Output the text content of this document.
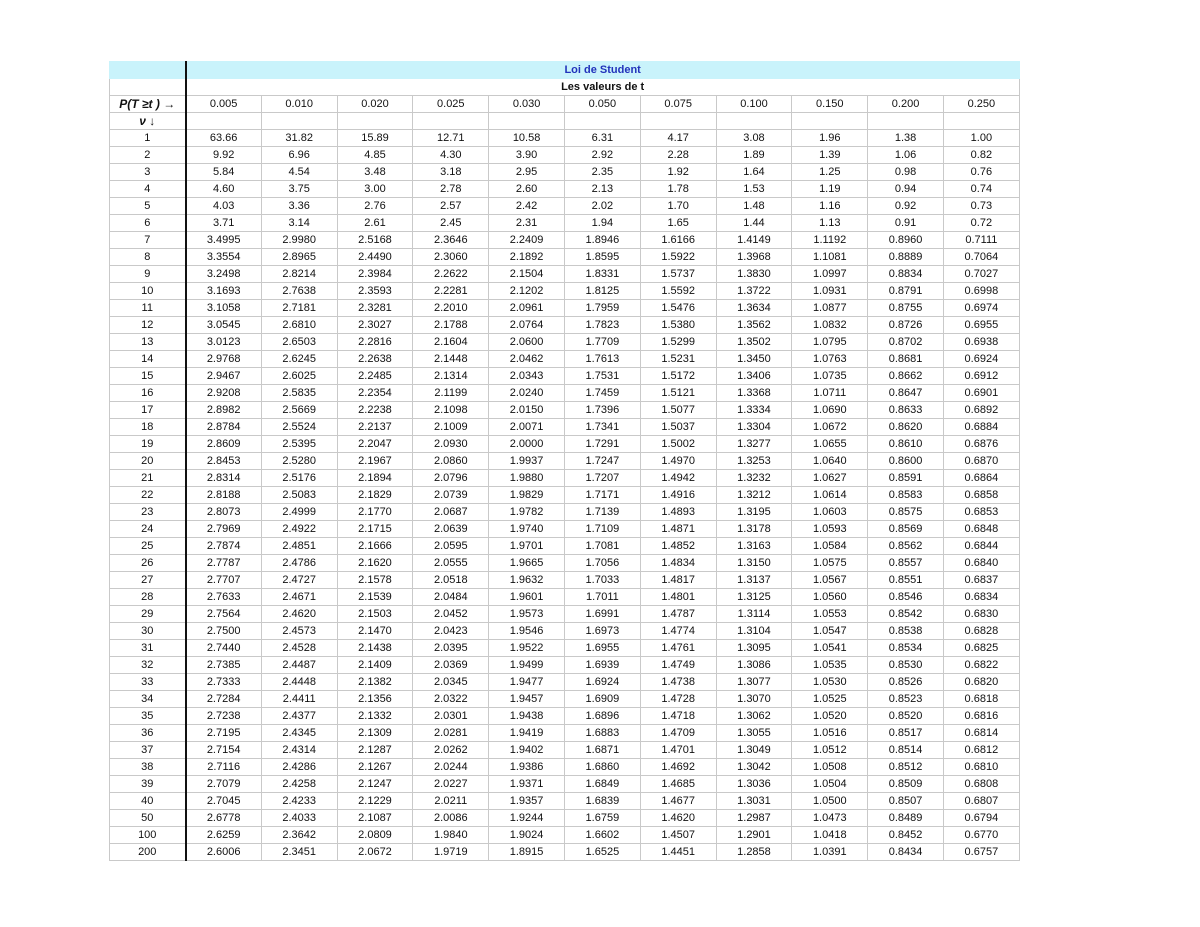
	Loi de Student										
	Les valeurs de t										
P(T ≥t ) →	0.005	0.010	0.020	0.025	0.030	0.050	0.075	0.100	0.150	0.200	0.250
ν ↓											
1	63.66	31.82	15.89	12.71	10.58	6.31	4.17	3.08	1.96	1.38	1.00
2	9.92	6.96	4.85	4.30	3.90	2.92	2.28	1.89	1.39	1.06	0.82
3	5.84	4.54	3.48	3.18	2.95	2.35	1.92	1.64	1.25	0.98	0.76
4	4.60	3.75	3.00	2.78	2.60	2.13	1.78	1.53	1.19	0.94	0.74
5	4.03	3.36	2.76	2.57	2.42	2.02	1.70	1.48	1.16	0.92	0.73
6	3.71	3.14	2.61	2.45	2.31	1.94	1.65	1.44	1.13	0.91	0.72
7	3.4995	2.9980	2.5168	2.3646	2.2409	1.8946	1.6166	1.4149	1.1192	0.8960	0.7111
8	3.3554	2.8965	2.4490	2.3060	2.1892	1.8595	1.5922	1.3968	1.1081	0.8889	0.7064
9	3.2498	2.8214	2.3984	2.2622	2.1504	1.8331	1.5737	1.3830	1.0997	0.8834	0.7027
10	3.1693	2.7638	2.3593	2.2281	2.1202	1.8125	1.5592	1.3722	1.0931	0.8791	0.6998
11	3.1058	2.7181	2.3281	2.2010	2.0961	1.7959	1.5476	1.3634	1.0877	0.8755	0.6974
12	3.0545	2.6810	2.3027	2.1788	2.0764	1.7823	1.5380	1.3562	1.0832	0.8726	0.6955
13	3.0123	2.6503	2.2816	2.1604	2.0600	1.7709	1.5299	1.3502	1.0795	0.8702	0.6938
14	2.9768	2.6245	2.2638	2.1448	2.0462	1.7613	1.5231	1.3450	1.0763	0.8681	0.6924
15	2.9467	2.6025	2.2485	2.1314	2.0343	1.7531	1.5172	1.3406	1.0735	0.8662	0.6912
16	2.9208	2.5835	2.2354	2.1199	2.0240	1.7459	1.5121	1.3368	1.0711	0.8647	0.6901
17	2.8982	2.5669	2.2238	2.1098	2.0150	1.7396	1.5077	1.3334	1.0690	0.8633	0.6892
18	2.8784	2.5524	2.2137	2.1009	2.0071	1.7341	1.5037	1.3304	1.0672	0.8620	0.6884
19	2.8609	2.5395	2.2047	2.0930	2.0000	1.7291	1.5002	1.3277	1.0655	0.8610	0.6876
20	2.8453	2.5280	2.1967	2.0860	1.9937	1.7247	1.4970	1.3253	1.0640	0.8600	0.6870
21	2.8314	2.5176	2.1894	2.0796	1.9880	1.7207	1.4942	1.3232	1.0627	0.8591	0.6864
22	2.8188	2.5083	2.1829	2.0739	1.9829	1.7171	1.4916	1.3212	1.0614	0.8583	0.6858
23	2.8073	2.4999	2.1770	2.0687	1.9782	1.7139	1.4893	1.3195	1.0603	0.8575	0.6853
24	2.7969	2.4922	2.1715	2.0639	1.9740	1.7109	1.4871	1.3178	1.0593	0.8569	0.6848
25	2.7874	2.4851	2.1666	2.0595	1.9701	1.7081	1.4852	1.3163	1.0584	0.8562	0.6844
26	2.7787	2.4786	2.1620	2.0555	1.9665	1.7056	1.4834	1.3150	1.0575	0.8557	0.6840
27	2.7707	2.4727	2.1578	2.0518	1.9632	1.7033	1.4817	1.3137	1.0567	0.8551	0.6837
28	2.7633	2.4671	2.1539	2.0484	1.9601	1.7011	1.4801	1.3125	1.0560	0.8546	0.6834
29	2.7564	2.4620	2.1503	2.0452	1.9573	1.6991	1.4787	1.3114	1.0553	0.8542	0.6830
30	2.7500	2.4573	2.1470	2.0423	1.9546	1.6973	1.4774	1.3104	1.0547	0.8538	0.6828
31	2.7440	2.4528	2.1438	2.0395	1.9522	1.6955	1.4761	1.3095	1.0541	0.8534	0.6825
32	2.7385	2.4487	2.1409	2.0369	1.9499	1.6939	1.4749	1.3086	1.0535	0.8530	0.6822
33	2.7333	2.4448	2.1382	2.0345	1.9477	1.6924	1.4738	1.3077	1.0530	0.8526	0.6820
34	2.7284	2.4411	2.1356	2.0322	1.9457	1.6909	1.4728	1.3070	1.0525	0.8523	0.6818
35	2.7238	2.4377	2.1332	2.0301	1.9438	1.6896	1.4718	1.3062	1.0520	0.8520	0.6816
36	2.7195	2.4345	2.1309	2.0281	1.9419	1.6883	1.4709	1.3055	1.0516	0.8517	0.6814
37	2.7154	2.4314	2.1287	2.0262	1.9402	1.6871	1.4701	1.3049	1.0512	0.8514	0.6812
38	2.7116	2.4286	2.1267	2.0244	1.9386	1.6860	1.4692	1.3042	1.0508	0.8512	0.6810
39	2.7079	2.4258	2.1247	2.0227	1.9371	1.6849	1.4685	1.3036	1.0504	0.8509	0.6808
40	2.7045	2.4233	2.1229	2.0211	1.9357	1.6839	1.4677	1.3031	1.0500	0.8507	0.6807
50	2.6778	2.4033	2.1087	2.0086	1.9244	1.6759	1.4620	1.2987	1.0473	0.8489	0.6794
100	2.6259	2.3642	2.0809	1.9840	1.9024	1.6602	1.4507	1.2901	1.0418	0.8452	0.6770
200	2.6006	2.3451	2.0672	1.9719	1.8915	1.6525	1.4451	1.2858	1.0391	0.8434	0.6757
